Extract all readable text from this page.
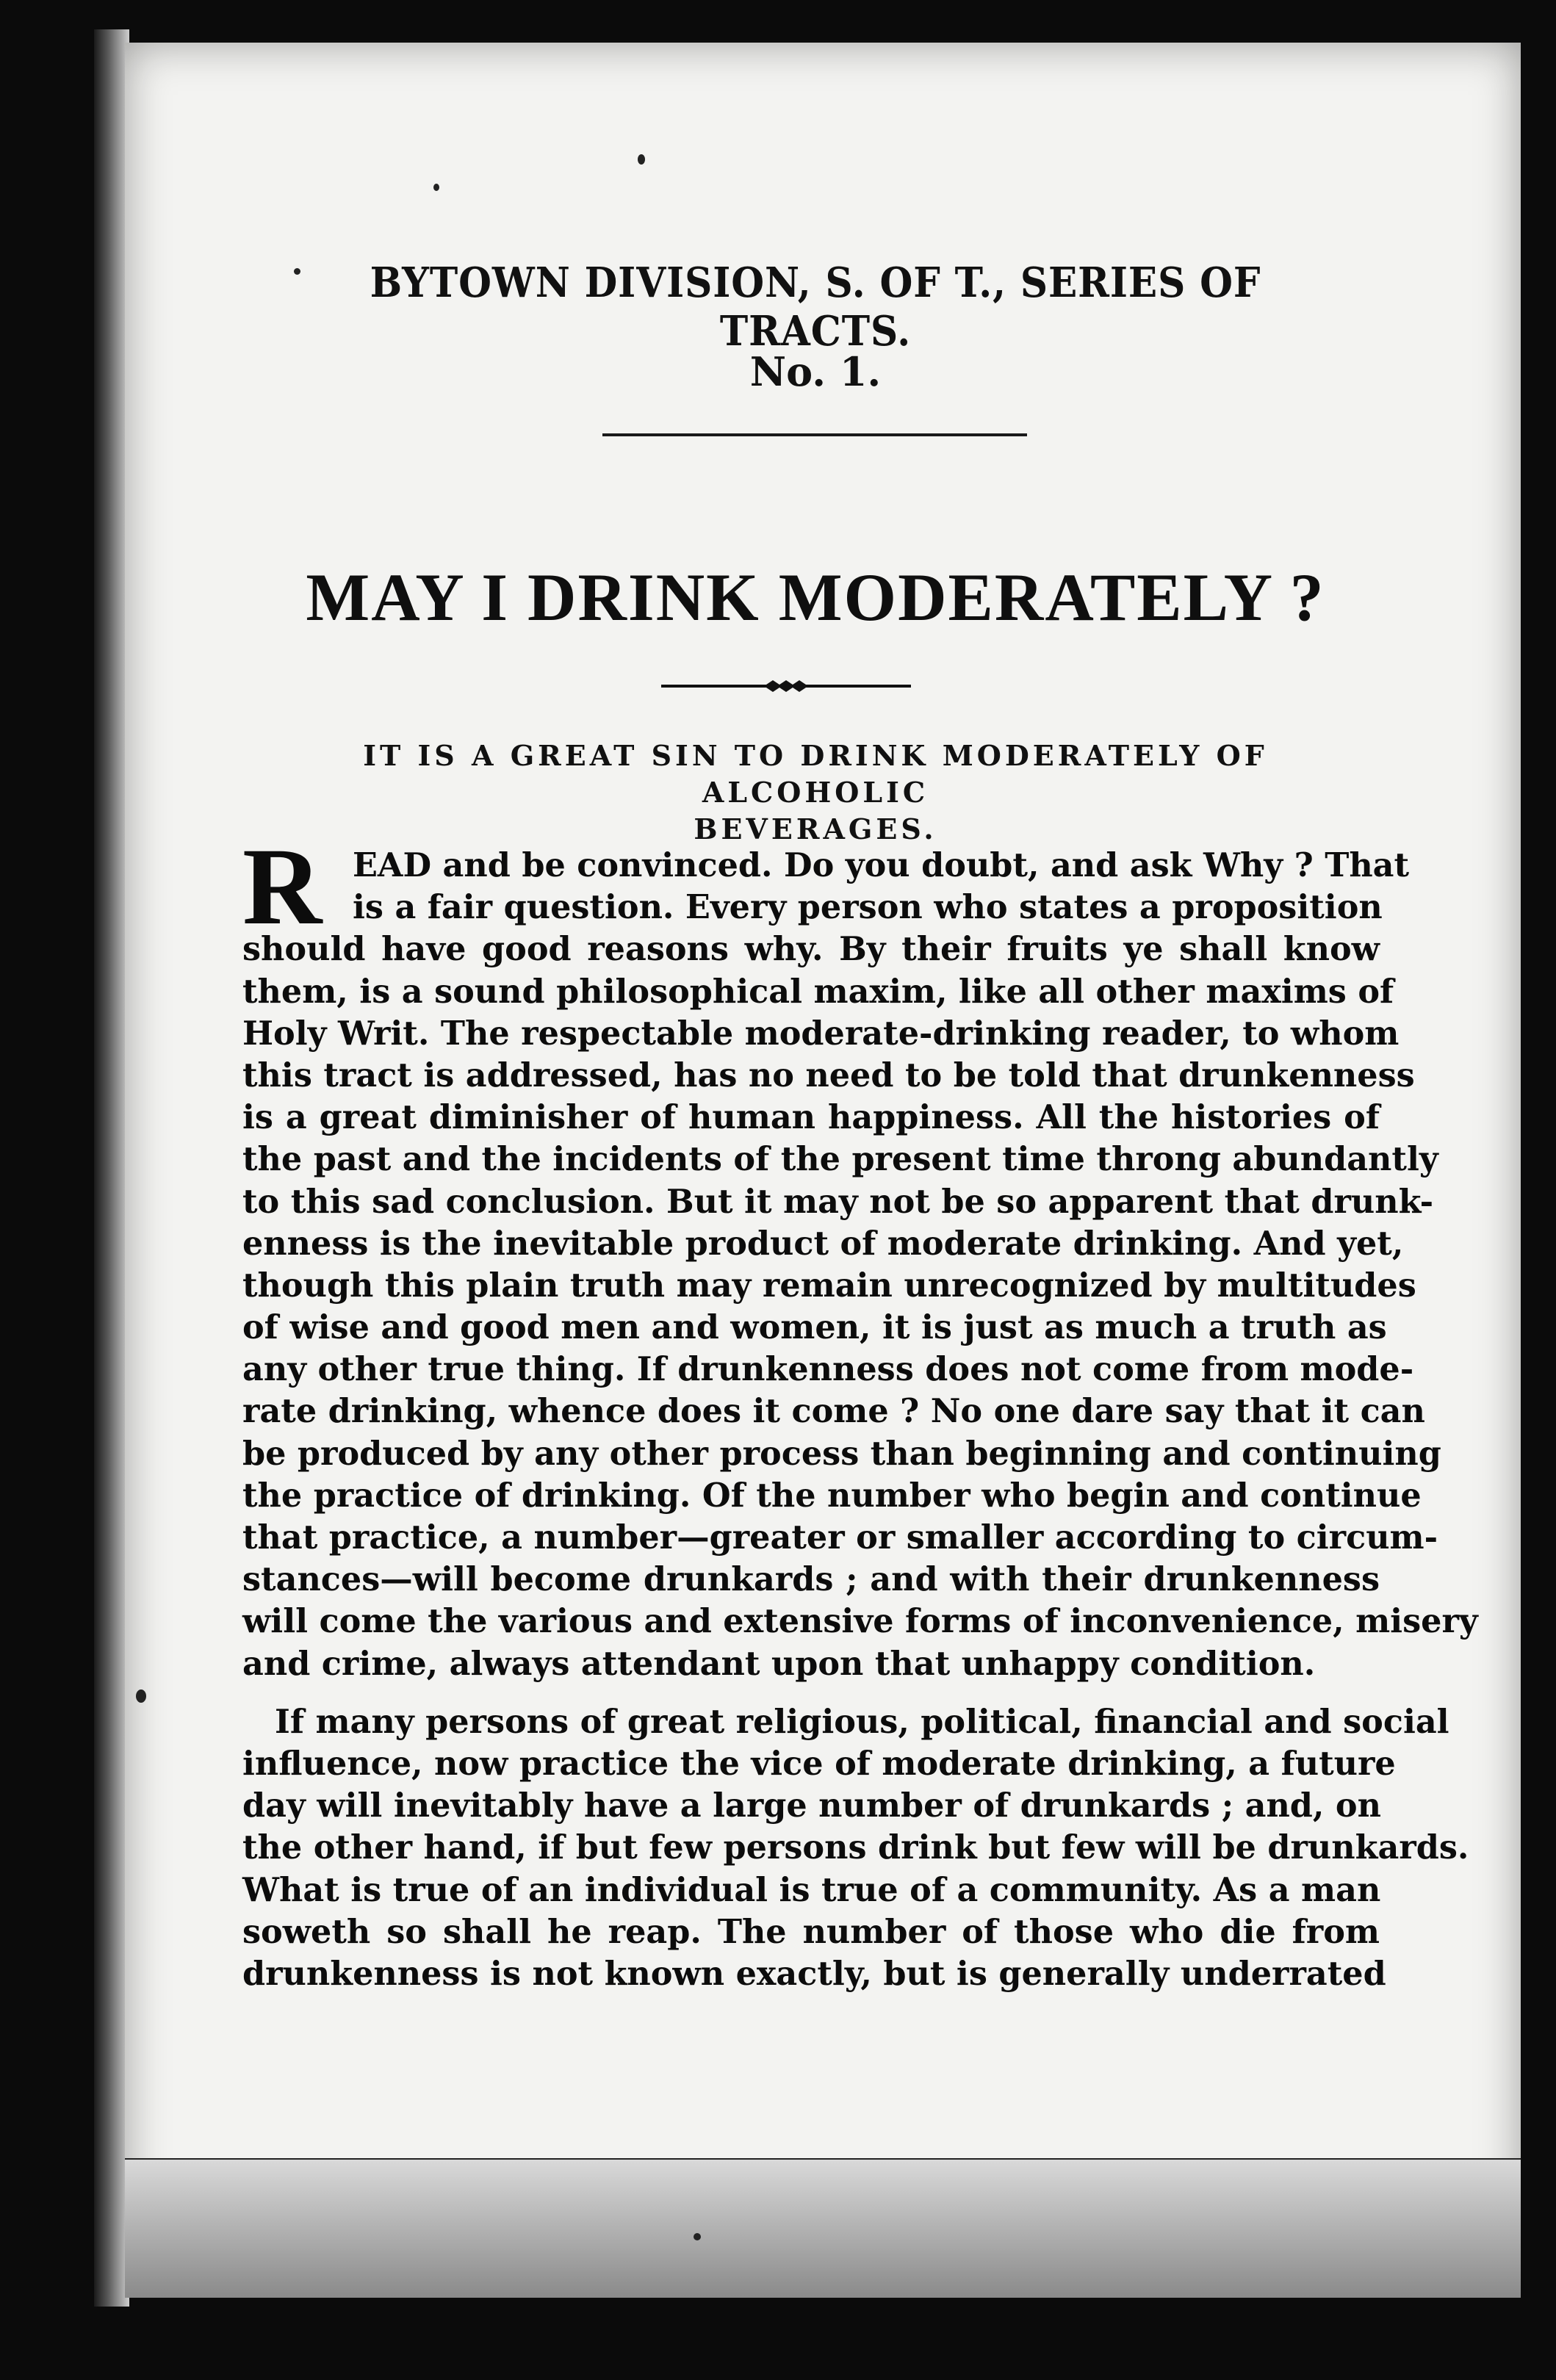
BYTOWN DIVISION, S. OF T., SERIES OF TRACTS.
No. 1.
MAY I DRINK MODERATELY ?
IT IS A GREAT SIN TO DRINK MODERATELY OF ALCOHOLIC
BEVERAGES.
R EAD and be convinced. Do you doubt, and ask Why ? That
is a fair question. Every person who states a proposition
should have good reasons why. By their fruits ye shall know
them, is a sound philosophical maxim, like all other maxims of
Holy Writ. The respectable moderate-drinking reader, to whom
this tract is addressed, has no need to be told that drunkenness
is a great diminisher of human happiness. All the histories of
the past and the incidents of the present time throng abundantly
to this sad conclusion. But it may not be so apparent that drunk-
enness is the inevitable product of moderate drinking. And yet,
though this plain truth may remain unrecognized by multitudes
of wise and good men and women, it is just as much a truth as
any other true thing. If drunkenness does not come from mode-
rate drinking, whence does it come ? No one dare say that it can
be produced by any other process than beginning and continuing
the practice of drinking. Of the number who begin and continue
that practice, a number—greater or smaller according to circum-
stances—will become drunkards ; and with their drunkenness
will come the various and extensive forms of inconvenience, misery
and crime, always attendant upon that unhappy condition.
If many persons of great religious, political, financial and social
influence, now practice the vice of moderate drinking, a future
day will inevitably have a large number of drunkards ; and, on
the other hand, if but few persons drink but few will be drunkards.
What is true of an individual is true of a community. As a man
soweth so shall he reap. The number of those who die from
drunkenness is not known exactly, but is generally underrated
